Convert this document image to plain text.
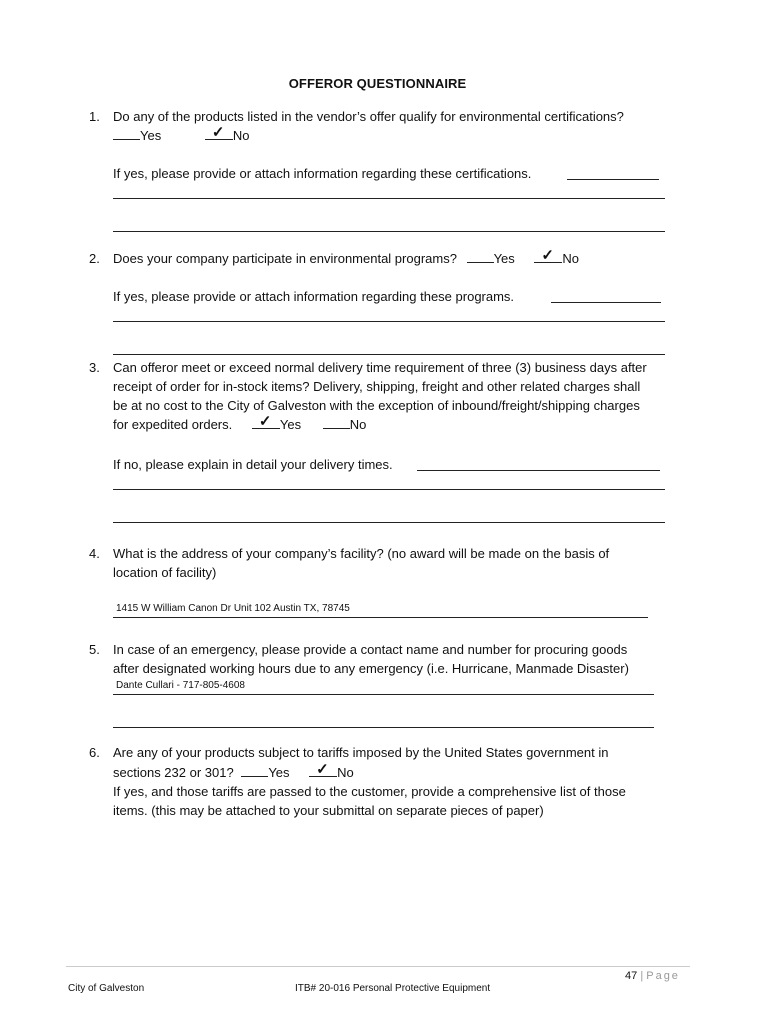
OFFEROR QUESTIONNAIRE
1. Do any of the products listed in the vendor’s offer qualify for environmental certifications?
Yes	✓ No
If yes, please provide or attach information regarding these certifications.
2. Does your company participate in environmental programs?	Yes ✓ No
If yes, please provide or attach information regarding these programs.
3. Can offeror meet or exceed normal delivery time requirement of three (3) business days after
receipt of order for in-stock items? Delivery, shipping, freight and other related charges shall
be at no cost to the City of Galveston with the exception of inbound/freight/shipping charges
for expedited orders. ✓ Yes	No
If no, please explain in detail your delivery times.
4. What is the address of your company’s facility? (no award will be made on the basis of
location of facility)
1415 W William Canon Dr Unit 102 Austin TX, 78745
5. In case of an emergency, please provide a contact name and number for procuring goods
after designated working hours due to any emergency (i.e. Hurricane, Manmade Disaster)
Dante Cullari - 717-805-4608
6. Are any of your products subject to tariffs imposed by the United States government in
sections 232 or 301?	Yes ✓ No
If yes, and those tariffs are passed to the customer, provide a comprehensive list of those
items. (this may be attached to your submittal on separate pieces of paper)
47 | Page
City of Galveston	ITB# 20-016 Personal Protective Equipment
